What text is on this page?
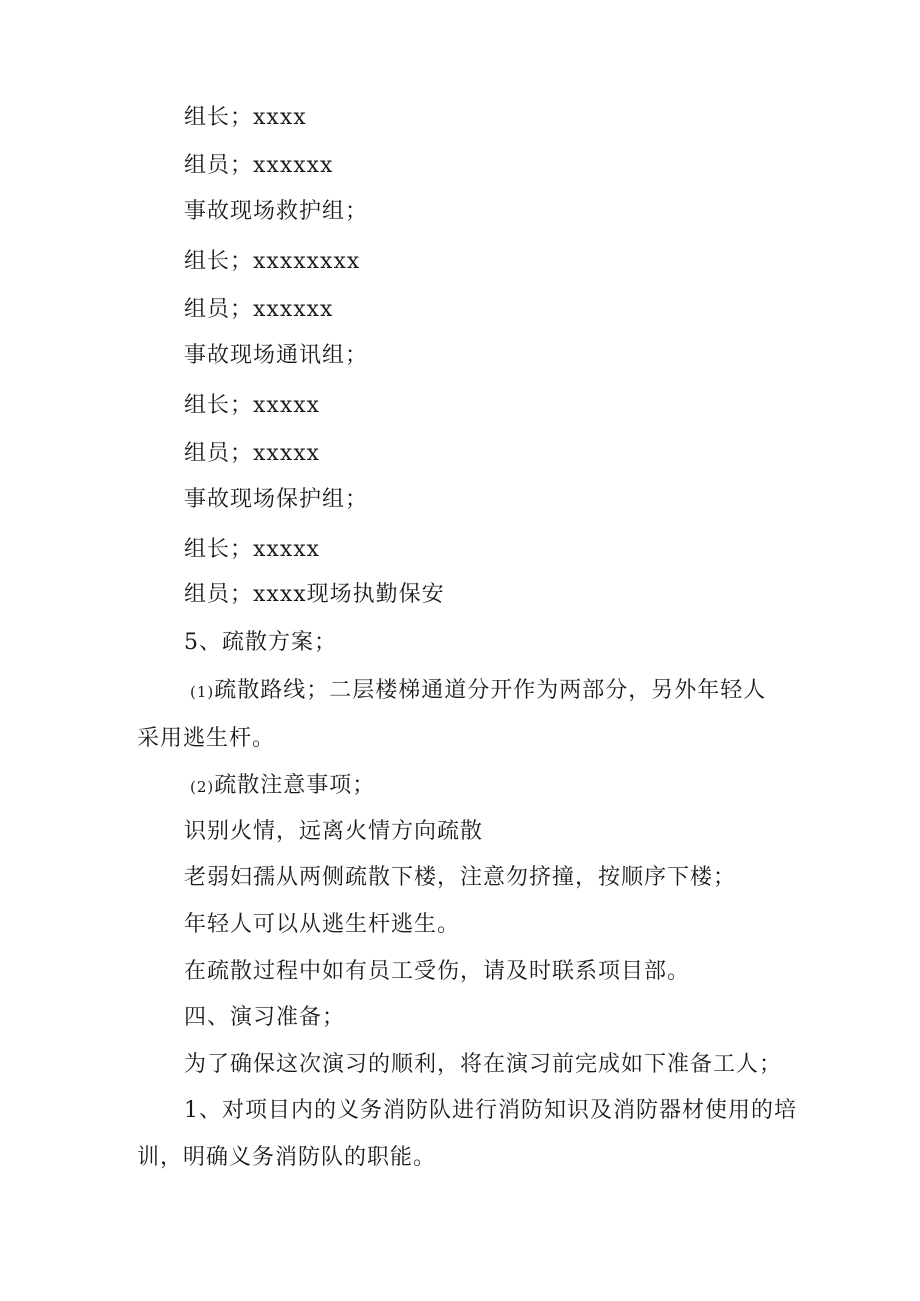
组长；xxxx

组员；xxxxxx

事故现场救护组；

组长；xxxxxxxx

组员；xxxxxx

事故现场通讯组；

组长；xxxxx

组员；xxxxx

事故现场保护组；

组长；xxxxx

组员；xxxx现场执勤保安

5、疏散方案；

(1)疏散路线；二层楼梯通道分开作为两部分，另外年轻人

采用逃生杆。

(2)疏散注意事项；

识别火情，远离火情方向疏散

老弱妇孺从两侧疏散下楼，注意勿挤撞，按顺序下楼；

年轻人可以从逃生杆逃生。

在疏散过程中如有员工受伤，请及时联系项目部。

四、演习准备；

为了确保这次演习的顺利，将在演习前完成如下准备工人；

1、对项目内的义务消防队进行消防知识及消防器材使用的培

训，明确义务消防队的职能。
